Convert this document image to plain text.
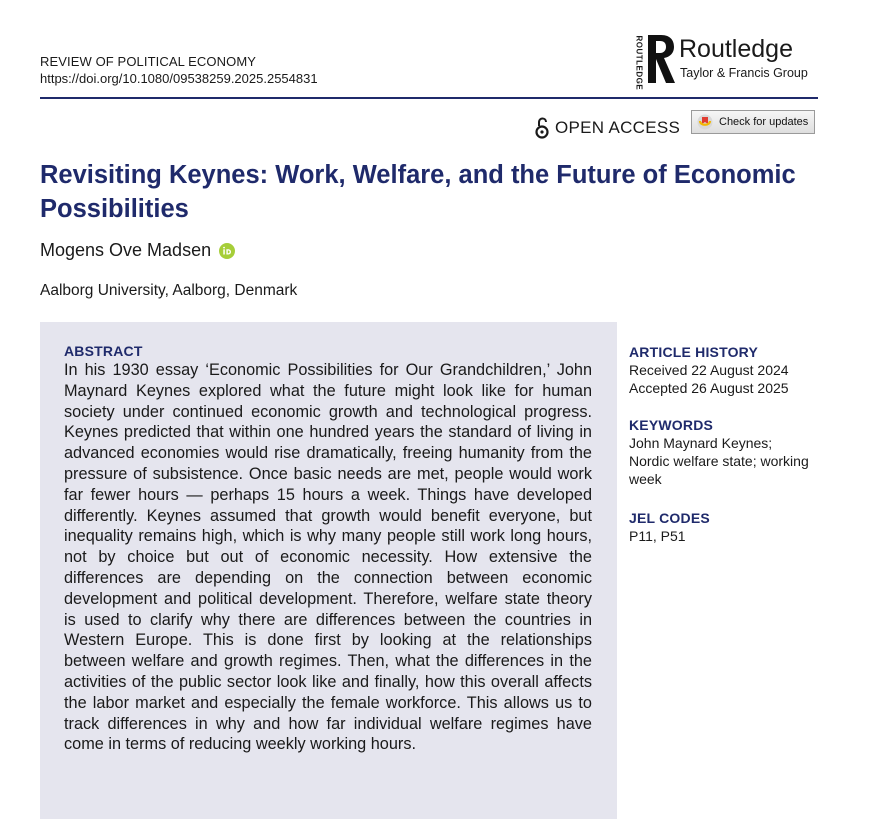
REVIEW OF POLITICAL ECONOMY
https://doi.org/10.1080/09538259.2025.2554831	ROUTLEDGE Routledge
Taylor & Francis Group
OPEN ACCESS	Check for updates
Revisiting Keynes: Work, Welfare, and the Future of Economic Possibilities
Mogens Ove Madsen
Aalborg University, Aalborg, Denmark
ABSTRACT

In his 1930 essay ‘Economic Possibilities for Our Grandchildren,’ John Maynard Keynes explored what the future might look like for human society under continued economic growth and technological progress. Keynes predicted that within one hundred years the standard of living in advanced economies would rise dramatically, freeing humanity from the pressure of subsistence. Once basic needs are met, people would work far fewer hours — perhaps 15 hours a week. Things have developed differently. Keynes assumed that growth would benefit everyone, but inequality remains high, which is why many people still work long hours, not by choice but out of economic necessity. How extensive the differences are depending on the connection between economic development and political development. Therefore, welfare state theory is used to clarify why there are differences between the countries in Western Europe. This is done first by looking at the relationships between welfare and growth regimes. Then, what the differences in the activities of the public sector look like and finally, how this overall affects the labor market and especially the female workforce. This allows us to track differences in why and how far individual welfare regimes have come in terms of reducing weekly working hours.

ARTICLE HISTORY
Received 22 August 2024
Accepted 26 August 2025
KEYWORDS
John Maynard Keynes;
Nordic welfare state; working
week
JEL CODES
P11, P51
